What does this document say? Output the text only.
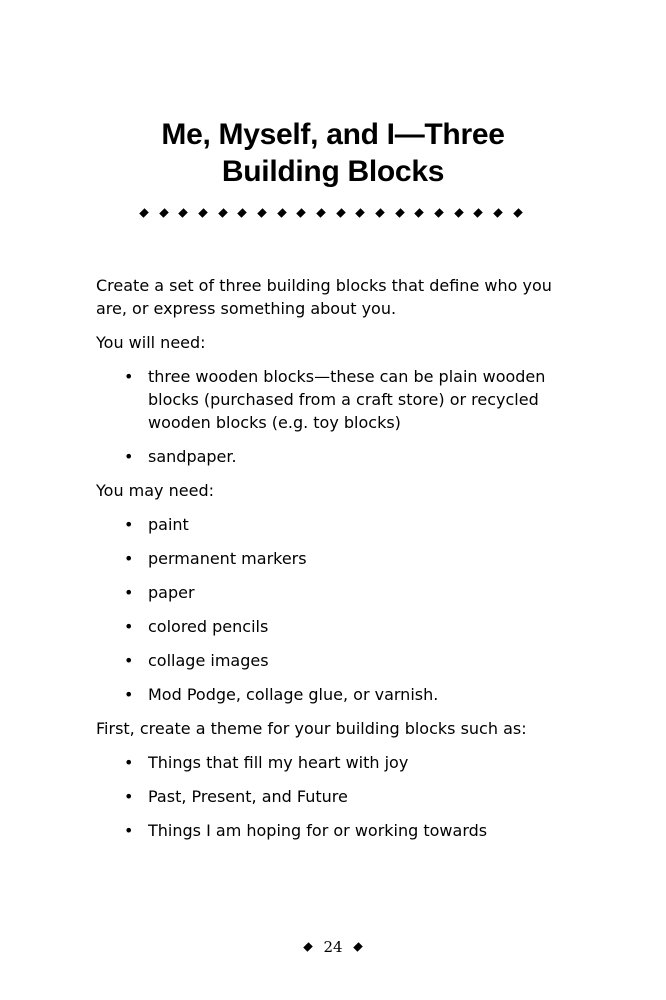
Me, Myself, and I—Three
Building Blocks

Create a set of three building blocks that define who you are, or express something about you.

You will need:

• three wooden blocks—these can be plain wooden blocks (purchased from a craft store) or recycled wooden blocks (e.g. toy blocks)
• sandpaper.

You may need:

• paint
• permanent markers
• paper
• colored pencils
• collage images
• Mod Podge, collage glue, or varnish.

First, create a theme for your building blocks such as:

• Things that fill my heart with joy
• Past, Present, and Future
• Things I am hoping for or working towards
24
